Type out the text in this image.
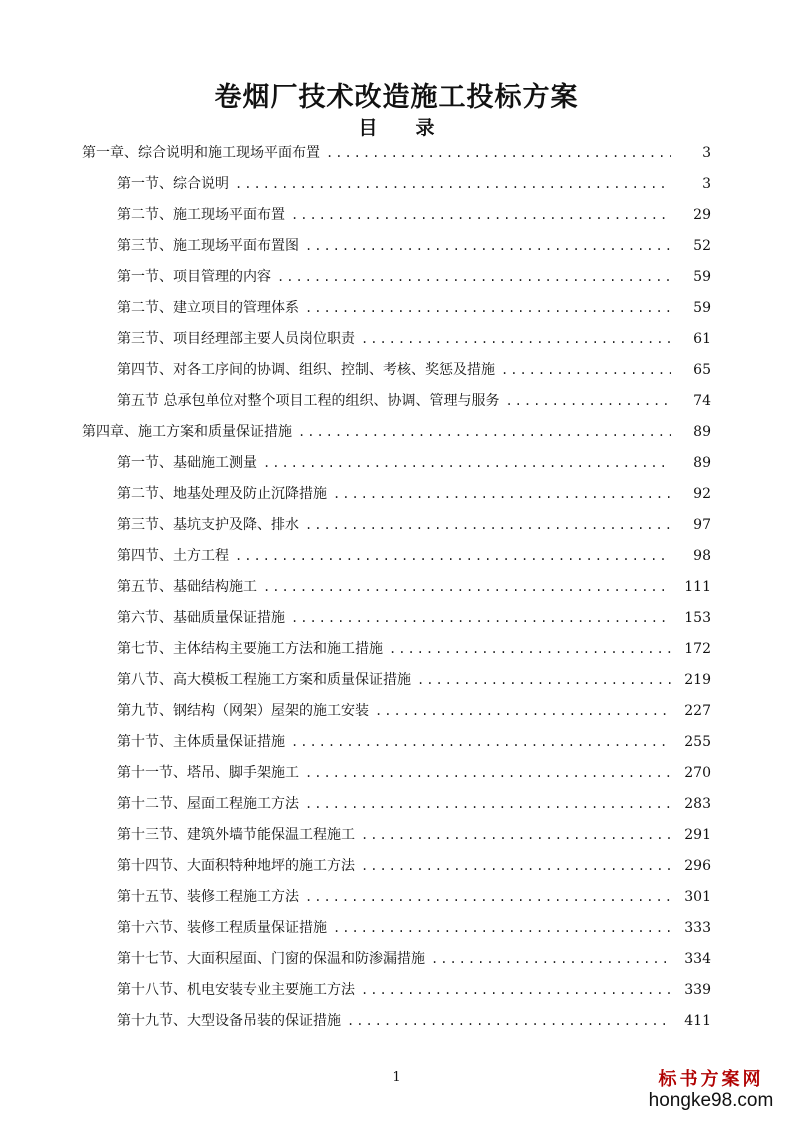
卷烟厂技术改造施工投标方案
目　　录
第一章、综合说明和施工现场平面布置 .....	3
第一节、综合说明 .....	3
第二节、施工现场平面布置 .....	29
第三节、施工现场平面布置图 .....	52
第一节、项目管理的内容 .....	59
第二节、建立项目的管理体系 .....	59
第三节、项目经理部主要人员岗位职责 .....	61
第四节、对各工序间的协调、组织、控制、考核、奖惩及措施 .....	65
第五节 总承包单位对整个项目工程的组织、协调、管理与服务 .....	74
第四章、施工方案和质量保证措施 .....	89
第一节、基础施工测量 .....	89
第二节、地基处理及防止沉降措施 .....	92
第三节、基坑支护及降、排水 .....	97
第四节、土方工程 .....	98
第五节、基础结构施工 .....	111
第六节、基础质量保证措施 .....	153
第七节、主体结构主要施工方法和施工措施 .....	172
第八节、高大模板工程施工方案和质量保证措施 .....	219
第九节、钢结构（网架）屋架的施工安装 .....	227
第十节、主体质量保证措施 .....	255
第十一节、塔吊、脚手架施工 .....	270
第十二节、屋面工程施工方法 .....	283
第十三节、建筑外墙节能保温工程施工 .....	291
第十四节、大面积特种地坪的施工方法 .....	296
第十五节、装修工程施工方法 .....	301
第十六节、装修工程质量保证措施 .....	333
第十七节、大面积屋面、门窗的保温和防渗漏措施 .....	334
第十八节、机电安装专业主要施工方法 .....	339
第十九节、大型设备吊装的保证措施 .....	411
1	标书方案网
hongke98.com
